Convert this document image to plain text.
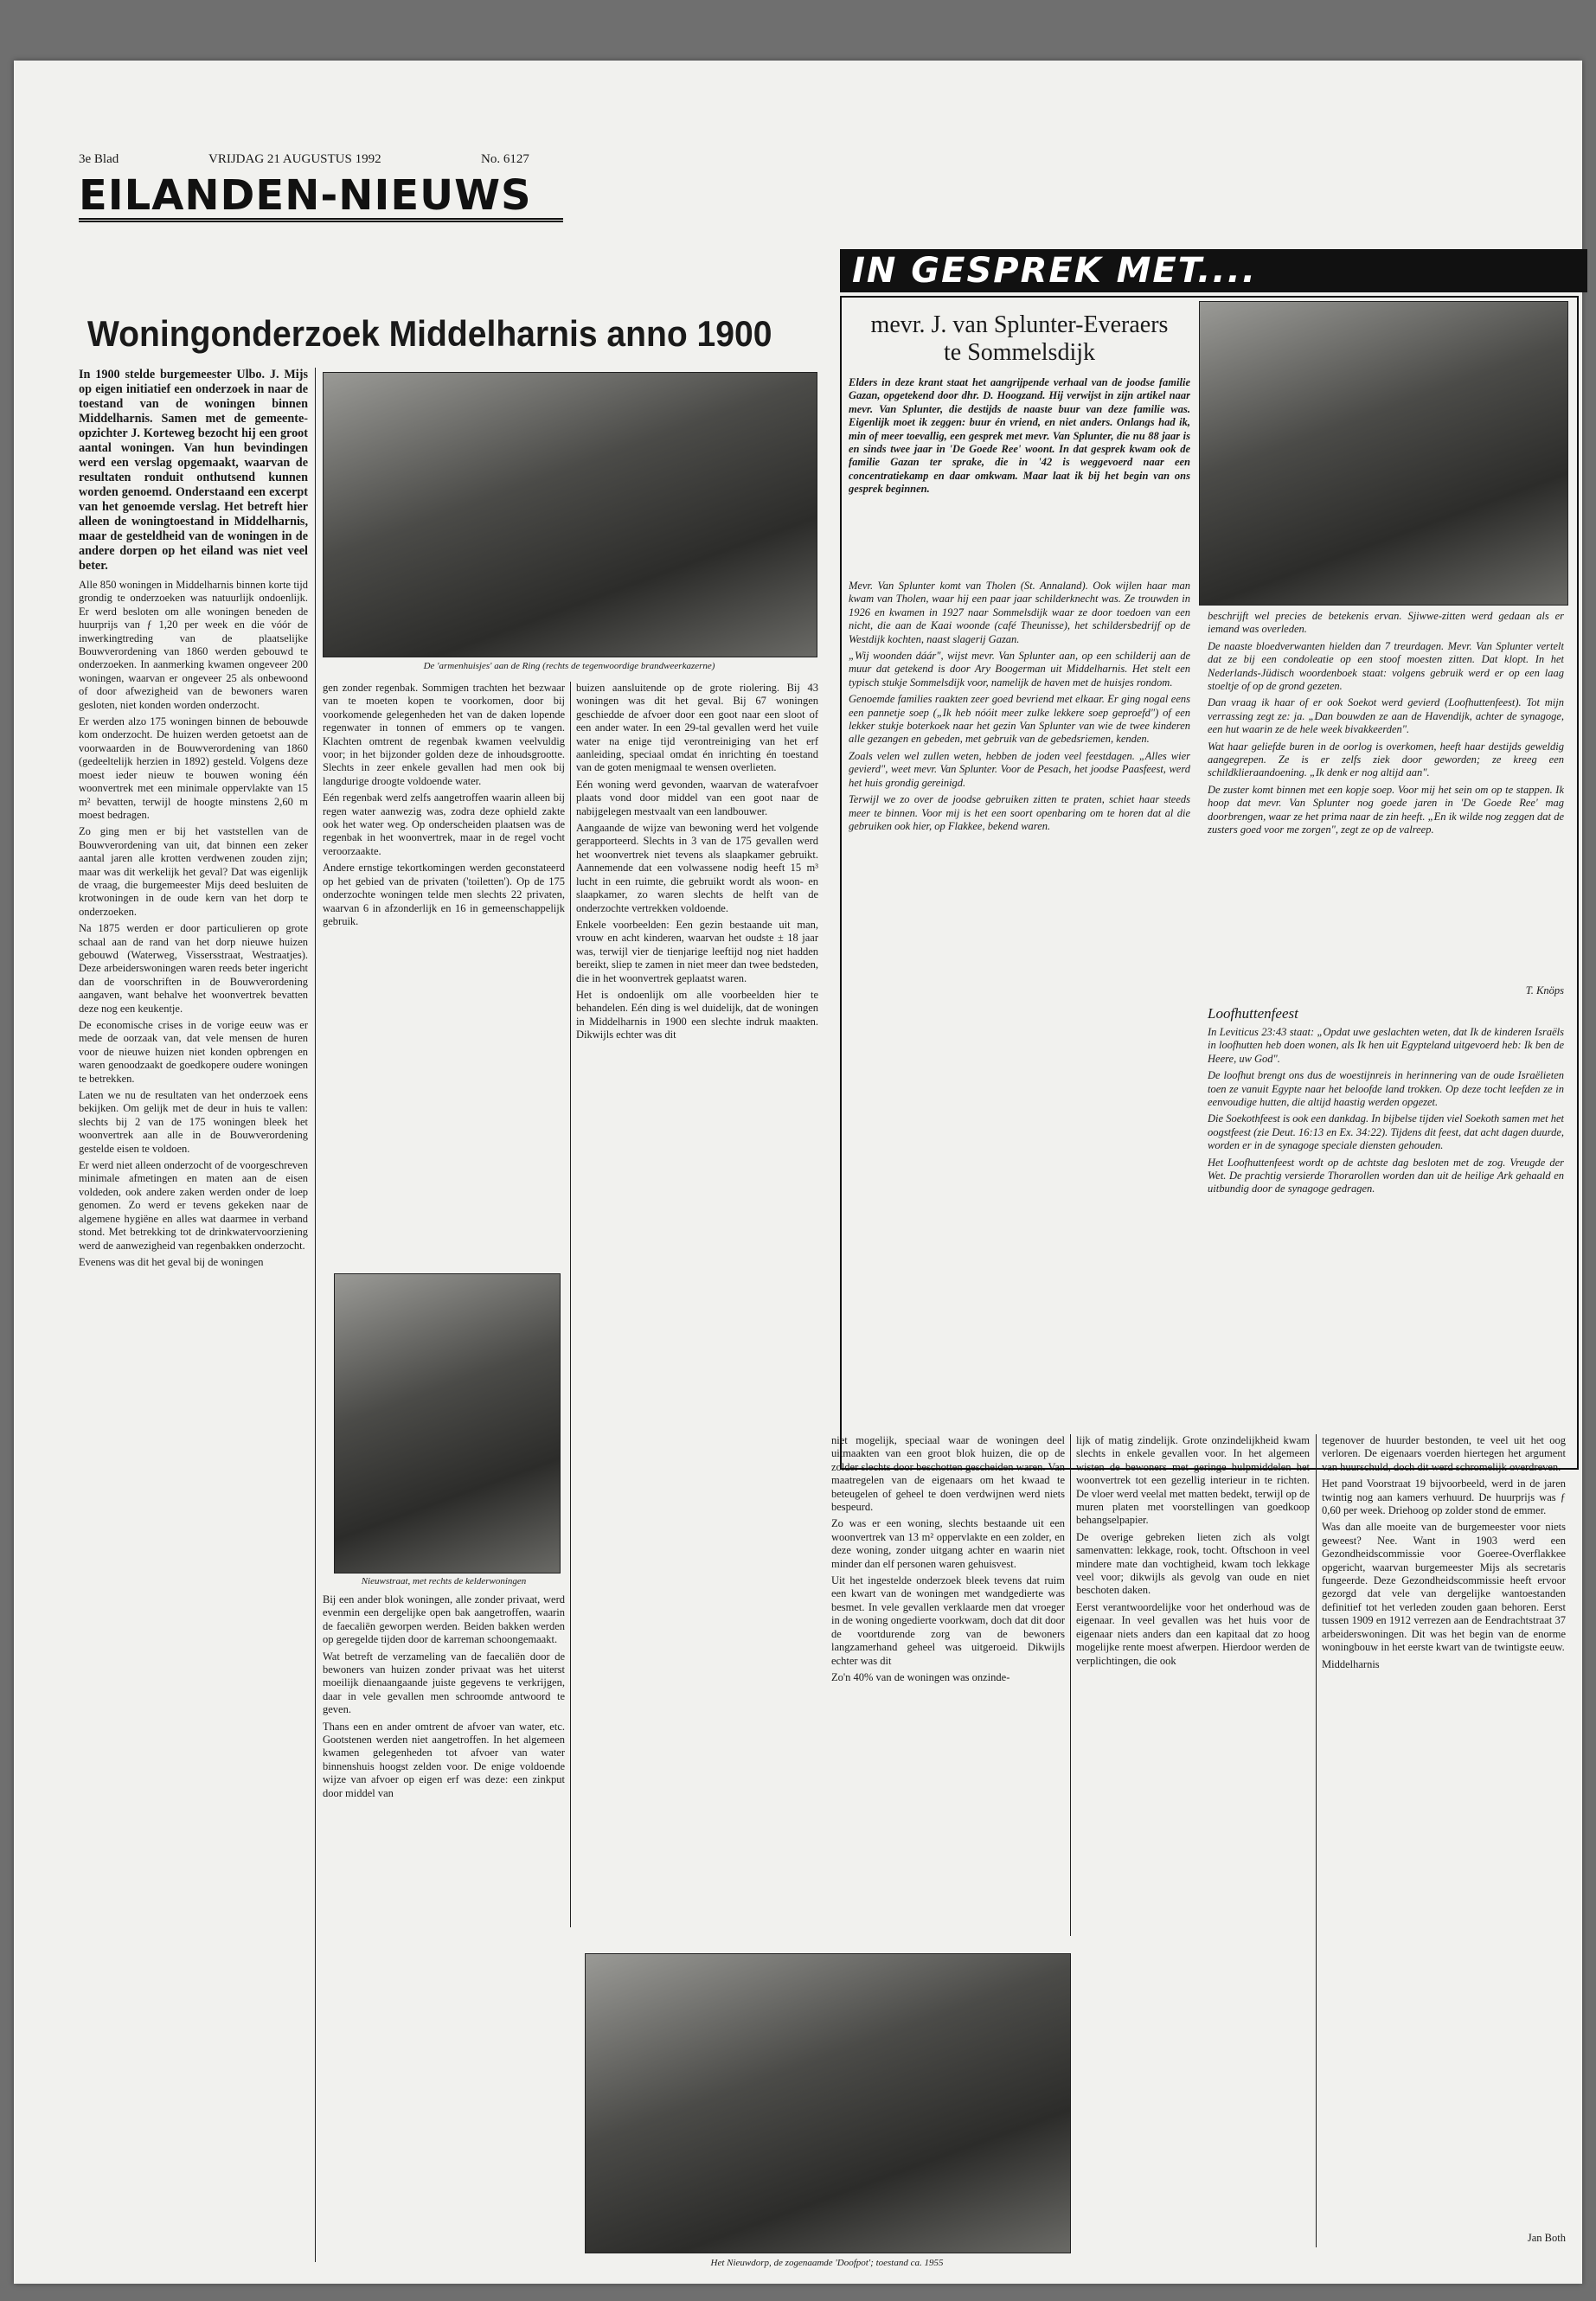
3e Blad	VRIJDAG 21 AUGUSTUS 1992	No. 6127
EILANDEN-NIEUWS
Woningonderzoek Middelharnis anno 1900

In 1900 stelde burgemeester Ulbo. J. Mijs op eigen initiatief een onderzoek in naar de toestand van de woningen binnen Middelharnis. Samen met de gemeente-opzichter J. Korteweg bezocht hij een groot aantal woningen. Van hun bevindingen werd een verslag opgemaakt, waarvan de resultaten ronduit onthutsend kunnen worden genoemd. Onderstaand een excerpt van het genoemde verslag. Het betreft hier alleen de woningtoestand in Middelharnis, maar de gesteldheid van de woningen in de andere dorpen op het eiland was niet veel beter.

Alle 850 woningen in Middelharnis binnen korte tijd grondig te onderzoeken was natuurlijk ondoenlijk. Er werd besloten om alle woningen beneden de huurprijs van ƒ 1,20 per week en die vóór de inwerkingtreding van de plaatselijke Bouwverordening van 1860 werden gebouwd te onderzoeken. In aanmerking kwamen ongeveer 200 woningen, waarvan er ongeveer 25 als onbewoond of door afwezigheid van de bewoners waren gesloten, niet konden worden onderzocht.

Er werden alzo 175 woningen binnen de bebouwde kom onderzocht. De huizen werden getoetst aan de voorwaarden in de Bouwverordening van 1860 (gedeeltelijk herzien in 1892) gesteld. Volgens deze moest ieder nieuw te bouwen woning één woonvertrek met een minimale oppervlakte van 15 m² bevatten, terwijl de hoogte minstens 2,60 m moest bedragen.

Zo ging men er bij het vaststellen van de Bouwverordening van uit, dat binnen een zeker aantal jaren alle krotten verdwenen zouden zijn; maar was dit werkelijk het geval? Dat was eigenlijk de vraag, die burgemeester Mijs deed besluiten de krotwoningen in de oude kern van het dorp te onderzoeken.

Na 1875 werden er door particulieren op grote schaal aan de rand van het dorp nieuwe huizen gebouwd (Waterweg, Vissersstraat, Westraatjes). Deze arbeiderswoningen waren reeds beter ingericht dan de voorschriften in de Bouwverordening aangaven, want behalve het woonvertrek bevatten deze nog een keukentje.

De economische crises in de vorige eeuw was er mede de oorzaak van, dat vele mensen de huren voor de nieuwe huizen niet konden opbrengen en waren genoodzaakt de goedkopere oudere woningen te betrekken.

Laten we nu de resultaten van het onderzoek eens bekijken. Om gelijk met de deur in huis te vallen: slechts bij 2 van de 175 woningen bleek het woonvertrek aan alle in de Bouwverordening gestelde eisen te voldoen.

Er werd niet alleen onderzocht of de voorgeschreven minimale afmetingen en maten aan de eisen voldeden, ook andere zaken werden onder de loep genomen. Zo werd er tevens gekeken naar de algemene hygiëne en alles wat daarmee in verband stond. Met betrekking tot de drinkwatervoorziening werd de aanwezigheid van regenbakken onderzocht.

Evenens was dit het geval bij de woningen

De 'armenhuisjes' aan de Ring (rechts de tegenwoordige brandweerkazerne)

gen zonder regenbak. Sommigen trachten het bezwaar van te moeten kopen te voorkomen, door bij voorkomende gelegenheden het van de daken lopende regenwater in tonnen of emmers op te vangen. Klachten omtrent de regenbak kwamen veelvuldig voor; in het bijzonder golden deze de inhoudsgrootte. Slechts in zeer enkele gevallen had men ook bij langdurige droogte voldoende water.

Eén regenbak werd zelfs aangetroffen waarin alleen bij regen water aanwezig was, zodra deze ophield zakte ook het water weg. Op onderscheiden plaatsen was de regenbak in het woonvertrek, maar in de regel vocht veroorzaakte.

Andere ernstige tekortkomingen werden geconstateerd op het gebied van de privaten ('toiletten'). Op de 175 onderzochte woningen telde men slechts 22 privaten, waarvan 6 in afzonderlijk en 16 in gemeenschappelijk gebruik.

Nieuwstraat, met rechts de kelderwoningen

Bij een ander blok woningen, alle zonder privaat, werd evenmin een dergelijke open bak aangetroffen, waarin de faecaliën geworpen werden. Beiden bakken werden op geregelde tijden door de karreman schoongemaakt.

Wat betreft de verzameling van de faecaliën door de bewoners van huizen zonder privaat was het uiterst moeilijk dienaangaande juiste gegevens te verkrijgen, daar in vele gevallen men schroomde antwoord te geven.

Thans een en ander omtrent de afvoer van water, etc. Gootstenen werden niet aangetroffen. In het algemeen kwamen gelegenheden tot afvoer van water binnenshuis hoogst zelden voor. De enige voldoende wijze van afvoer op eigen erf was deze: een zinkput door middel van

buizen aansluitende op de grote riolering. Bij 43 woningen was dit het geval. Bij 67 woningen geschiedde de afvoer door een goot naar een sloot of een ander water. In een 29-tal gevallen werd het vuile water na enige tijd verontreiniging van het erf aanleiding, speciaal omdat én inrichting én toestand van de goten menigmaal te wensen overlieten.

Eén woning werd gevonden, waarvan de waterafvoer plaats vond door middel van een goot naar de nabijgelegen mestvaalt van een landbouwer.

Aangaande de wijze van bewoning werd het volgende gerapporteerd. Slechts in 3 van de 175 gevallen werd het woonvertrek niet tevens als slaapkamer gebruikt. Aannemende dat een volwassene nodig heeft 15 m³ lucht in een ruimte, die gebruikt wordt als woon- en slaapkamer, zo waren slechts de helft van de onderzochte vertrekken voldoende.

Enkele voorbeelden: Een gezin bestaande uit man, vrouw en acht kinderen, waarvan het oudste ± 18 jaar was, terwijl vier de tienjarige leeftijd nog niet hadden bereikt, sliep te zamen in niet meer dan twee bedsteden, die in het woonvertrek geplaatst waren.

Het is ondoenlijk om alle voorbeelden hier te behandelen. Eén ding is wel duidelijk, dat de woningen in Middelharnis in 1900 een slechte indruk maakten. Dikwijls echter was dit

niet mogelijk, speciaal waar de woningen deel uitmaakten van een groot blok huizen, die op de zolder slechts door beschotten gescheiden waren. Van maatregelen van de eigenaars om het kwaad te beteugelen of geheel te doen verdwijnen werd niets bespeurd.

Zo was er een woning, slechts bestaande uit een woonvertrek van 13 m² oppervlakte en een zolder, en deze woning, zonder uitgang achter en waarin niet minder dan elf personen waren gehuisvest.

Uit het ingestelde onderzoek bleek tevens dat ruim een kwart van de woningen met wandgedierte was besmet. In vele gevallen verklaarde men dat vroeger in de woning ongedierte voorkwam, doch dat dit door de voortdurende zorg van de bewoners langzamerhand geheel was uitgeroeid. Dikwijls echter was dit

Zo'n 40% van de woningen was onzinde-

Het Nieuwdorp, de zogenaamde 'Doofpot'; toestand ca. 1955

lijk of matig zindelijk. Grote onzindelijkheid kwam slechts in enkele gevallen voor. In het algemeen wisten de bewoners met geringe hulpmiddelen het woonvertrek tot een gezellig interieur in te richten. De vloer werd veelal met matten bedekt, terwijl op de muren platen met voorstellingen van goedkoop behangselpapier.

De overige gebreken lieten zich als volgt samenvatten: lekkage, rook, tocht. Oftschoon in veel mindere mate dan vochtigheid, kwam toch lekkage veel voor; dikwijls als gevolg van oude en niet beschoten daken.

Eerst verantwoordelijke voor het onderhoud was de eigenaar. In veel gevallen was het huis voor de eigenaar niets anders dan een kapitaal dat zo hoog mogelijke rente moest afwerpen. Hierdoor werden de verplichtingen, die ook

tegenover de huurder bestonden, te veel uit het oog verloren. De eigenaars voerden hiertegen het argument van huurschuld, doch dit werd schromelijk overdreven.

Het pand Voorstraat 19 bijvoorbeeld, werd in de jaren twintig nog aan kamers verhuurd. De huurprijs was ƒ 0,60 per week. Driehoog op zolder stond de emmer.

Was dan alle moeite van de burgemeester voor niets geweest? Nee. Want in 1903 werd een Gezondheidscommissie voor Goeree-Overflakkee opgericht, waarvan burgemeester Mijs als secretaris fungeerde. Deze Gezondheidscommissie heeft ervoor gezorgd dat vele van dergelijke wantoestanden definitief tot het verleden zouden gaan behoren. Eerst tussen 1909 en 1912 verrezen aan de Eendrachtstraat 37 arbeiderswoningen. Dit was het begin van de enorme woningbouw in het eerste kwart van de twintigste eeuw.

Middelharnis

Jan Both
IN GESPREK MET....
mevr. J. van Splunter-Everaers
te Sommelsdijk
Elders in deze krant staat het aangrijpende verhaal van de joodse familie Gazan, opgetekend door dhr. D. Hoogzand. Hij verwijst in zijn artikel naar mevr. Van Splunter, die destijds de naaste buur van deze familie was. Eigenlijk moet ik zeggen: buur én vriend, en niet anders. Onlangs had ik, min of meer toevallig, een gesprek met mevr. Van Splunter, die nu 88 jaar is en sinds twee jaar in 'De Goede Ree' woont. In dat gesprek kwam ook de familie Gazan ter sprake, die in '42 is weggevoerd naar een concentratiekamp en daar omkwam. Maar laat ik bij het begin van ons gesprek beginnen.

Mevr. Van Splunter komt van Tholen (St. Annaland). Ook wijlen haar man kwam van Tholen, waar hij een paar jaar schilderknecht was. Ze trouwden in 1926 en kwamen in 1927 naar Sommelsdijk waar ze door toedoen van een nicht, die aan de Kaai woonde (café Theunisse), het schildersbedrijf op de Westdijk kochten, naast slagerij Gazan.

„Wij woonden dáár", wijst mevr. Van Splunter aan, op een schilderij aan de muur dat getekend is door Ary Boogerman uit Middelharnis. Het stelt een typisch stukje Sommelsdijk voor, namelijk de haven met de huisjes rondom.

Genoemde families raakten zeer goed bevriend met elkaar. Er ging nogal eens een pannetje soep („Ik heb nóóit meer zulke lekkere soep geproefd") of een lekker stukje boterkoek naar het gezin Van Splunter van wie de twee kinderen alle gezangen en gebeden, met gebruik van de gebedsriemen, kenden.

Zoals velen wel zullen weten, hebben de joden veel feestdagen. „Alles wier gevierd", weet mevr. Van Splunter. Voor de Pesach, het joodse Paasfeest, werd het huis grondig gereinigd.

Terwijl we zo over de joodse gebruiken zitten te praten, schiet haar steeds meer te binnen. Voor mij is het een soort openbaring om te horen dat al die gebruiken ook hier, op Flakkee, bekend waren.

beschrijft wel precies de betekenis ervan. Sjiwwe-zitten werd gedaan als er iemand was overleden.

De naaste bloedverwanten hielden dan 7 treurdagen. Mevr. Van Splunter vertelt dat ze bij een condoleatie op een stoof moesten zitten. Dat klopt. In het Nederlands-Jüdisch woordenboek staat: volgens gebruik werd er op een laag stoeltje of op de grond gezeten.

Dan vraag ik haar of er ook Soekot werd gevierd (Loofhuttenfeest). Tot mijn verrassing zegt ze: ja. „Dan bouwden ze aan de Havendijk, achter de synagoge, een hut waarin ze de hele week bivakkeerden".

Wat haar geliefde buren in de oorlog is overkomen, heeft haar destijds geweldig aangegrepen. Ze is er zelfs ziek door geworden; ze kreeg een schildklieraandoening. „Ik denk er nog altijd aan".

De zuster komt binnen met een kopje soep. Voor mij het sein om op te stappen. Ik hoop dat mevr. Van Splunter nog goede jaren in 'De Goede Ree' mag doorbrengen, waar ze het prima naar de zin heeft. „En ik wilde nog zeggen dat de zusters goed voor me zorgen", zegt ze op de valreep.

T. Knöps
Loofhuttenfeest

In Leviticus 23:43 staat: „Opdat uwe geslachten weten, dat Ik de kinderen Israëls in loofhutten heb doen wonen, als Ik hen uit Egypteland uitgevoerd heb: Ik ben de Heere, uw God".

De loofhut brengt ons dus de woestijnreis in herinnering van de oude Israëlieten toen ze vanuit Egypte naar het beloofde land trokken. Op deze tocht leefden ze in eenvoudige hutten, die altijd haastig werden opgezet.

Die Soekothfeest is ook een dankdag. In bijbelse tijden viel Soekoth samen met het oogstfeest (zie Deut. 16:13 en Ex. 34:22). Tijdens dit feest, dat acht dagen duurde, worden er in de synagoge speciale diensten gehouden.

Het Loofhuttenfeest wordt op de achtste dag besloten met de zog. Vreugde der Wet. De prachtig versierde Thorarollen worden dan uit de heilige Ark gehaald en uitbundig door de synagoge gedragen.
